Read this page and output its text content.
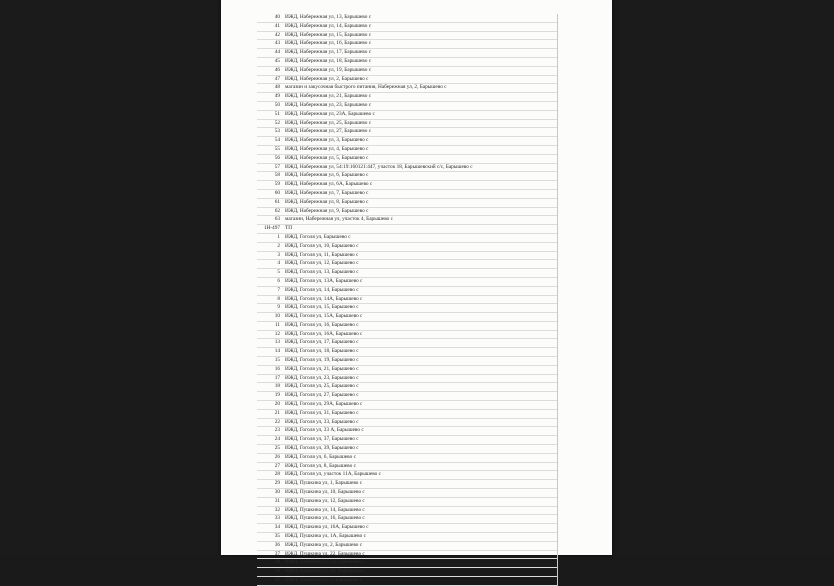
40 ИЖД, Набережная ул, 13, Барышево с
41 ИЖД, Набережная ул, 14, Барышево с
42 ИЖД, Набережная ул, 15, Барышево с
43 ИЖД, Набережная ул, 16, Барышево с
44 ИЖД, Набережная ул, 17, Барышево с
45 ИЖД, Набережная ул, 18, Барышево с
46 ИЖД, Набережная ул, 19, Барышево с
47 ИЖД, Набережная ул, 2, Барышево с
48 магазин и закусочная быстрого питания, Набережная ул, 2, Барышево с
49 ИЖД, Набережная ул, 21, Барышево с
50 ИЖД, Набережная ул, 23, Барышево с
51 ИЖД, Набережная ул, 23А, Барышево с
52 ИЖД, Набережная ул, 25, Барышево с
53 ИЖД, Набережная ул, 27, Барышево с
54 ИЖД, Набережная ул, 3, Барышево с
55 ИЖД, Набережная ул, 4, Барышево с
56 ИЖД, Набережная ул, 5, Барышево с
57 ИЖД, Набережная ул, 54:19:160121:447, участок 18, Барышевский с/с, Барышево с
58 ИЖД, Набережная ул, 6, Барышево с
59 ИЖД, Набережная ул, 6А, Барышево с
60 ИЖД, Набережная ул, 7, Барышево с
61 ИЖД, Набережная ул, 8, Барышево с
62 ИЖД, Набережная ул, 9, Барышево с
63 магазин, Набережная ул, участок 4, Барышево с
1Н-497 ТП
1 ИЖД, Гоголя ул, Барышево с
2 ИЖД, Гоголя ул, 10, Барышево с
3 ИЖД, Гоголя ул, 11, Барышево с
4 ИЖД, Гоголя ул, 12, Барышево с
5 ИЖД, Гоголя ул, 13, Барышево с
6 ИЖД, Гоголя ул, 13А, Барышево с
7 ИЖД, Гоголя ул, 14, Барышево с
8 ИЖД, Гоголя ул, 14А, Барышево с
9 ИЖД, Гоголя ул, 15, Барышево с
10 ИЖД, Гоголя ул, 15А, Барышево с
11 ИЖД, Гоголя ул, 16, Барышево с
12 ИЖД, Гоголя ул, 16А, Барышево с
13 ИЖД, Гоголя ул, 17, Барышево с
14 ИЖД, Гоголя ул, 18, Барышево с
15 ИЖД, Гоголя ул, 19, Барышево с
16 ИЖД, Гоголя ул, 21, Барышево с
17 ИЖД, Гоголя ул, 23, Барышево с
18 ИЖД, Гоголя ул, 25, Барышево с
19 ИЖД, Гоголя ул, 27, Барышево с
20 ИЖД, Гоголя ул, 29А, Барышево с
21 ИЖД, Гоголя ул, 31, Барышево с
22 ИЖД, Гоголя ул, 33, Барышево с
23 ИЖД, Гоголя ул, 33 А, Барышево с
24 ИЖД, Гоголя ул, 37, Барышево с
25 ИЖД, Гоголя ул, 39, Барышево с
26 ИЖД, Гоголя ул, 6, Барышево с
27 ИЖД, Гоголя ул, 8, Барышево с
28 ИЖД, Гоголя ул, участок 11А, Барышево с
29 ИЖД, Пушкина ул, 1, Барышево с
30 ИЖД, Пушкина ул, 10, Барышево с
31 ИЖД, Пушкина ул, 12, Барышево с
32 ИЖД, Пушкина ул, 14, Барышево с
33 ИЖД, Пушкина ул, 16, Барышево с
34 ИЖД, Пушкина ул, 16А, Барышево с
35 ИЖД, Пушкина ул, 1А, Барышево с
36 ИЖД, Пушкина ул, 2, Барышево с
37 ИЖД, Пушкина ул, 22, Барышево с
38 ИЖД, Пушкина ул, 24, Барышево с
39 ИЖД, Пушкина ул, 26, Барышево с
40 ИЖД, Пушкина ул, 3, Барышево с
